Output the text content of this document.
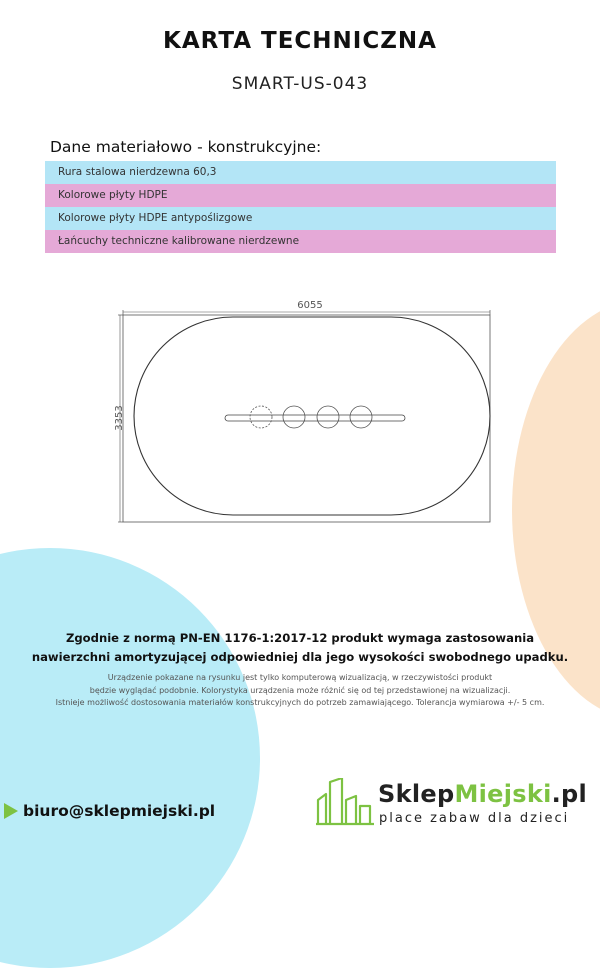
KARTA TECHNICZNA
SMART-US-043
Dane materiałowo - konstrukcyjne:
Rura stalowa nierdzewna 60,3
Kolorowe płyty HDPE
Kolorowe płyty HDPE antypoślizgowe
Łańcuchy techniczne kalibrowane nierdzewne
6055
3353
Zgodnie z normą PN-EN 1176-1:2017-12 produkt wymaga zastosowania
nawierzchni amortyzującej odpowiedniej dla jego wysokości swobodnego upadku.
Urządzenie pokazane na rysunku jest tylko komputerową wizualizacją, w rzeczywistości produkt
będzie wyglądać podobnie. Kolorystyka urządzenia może różnić się od tej przedstawionej na wizualizacji.
Istnieje możliwość dostosowania materiałów konstrukcyjnych do potrzeb zamawiającego. Tolerancja wymiarowa +/- 5 cm.
biuro@sklepmiejski.pl
SklepMiejski.pl
place zabaw dla dzieci
